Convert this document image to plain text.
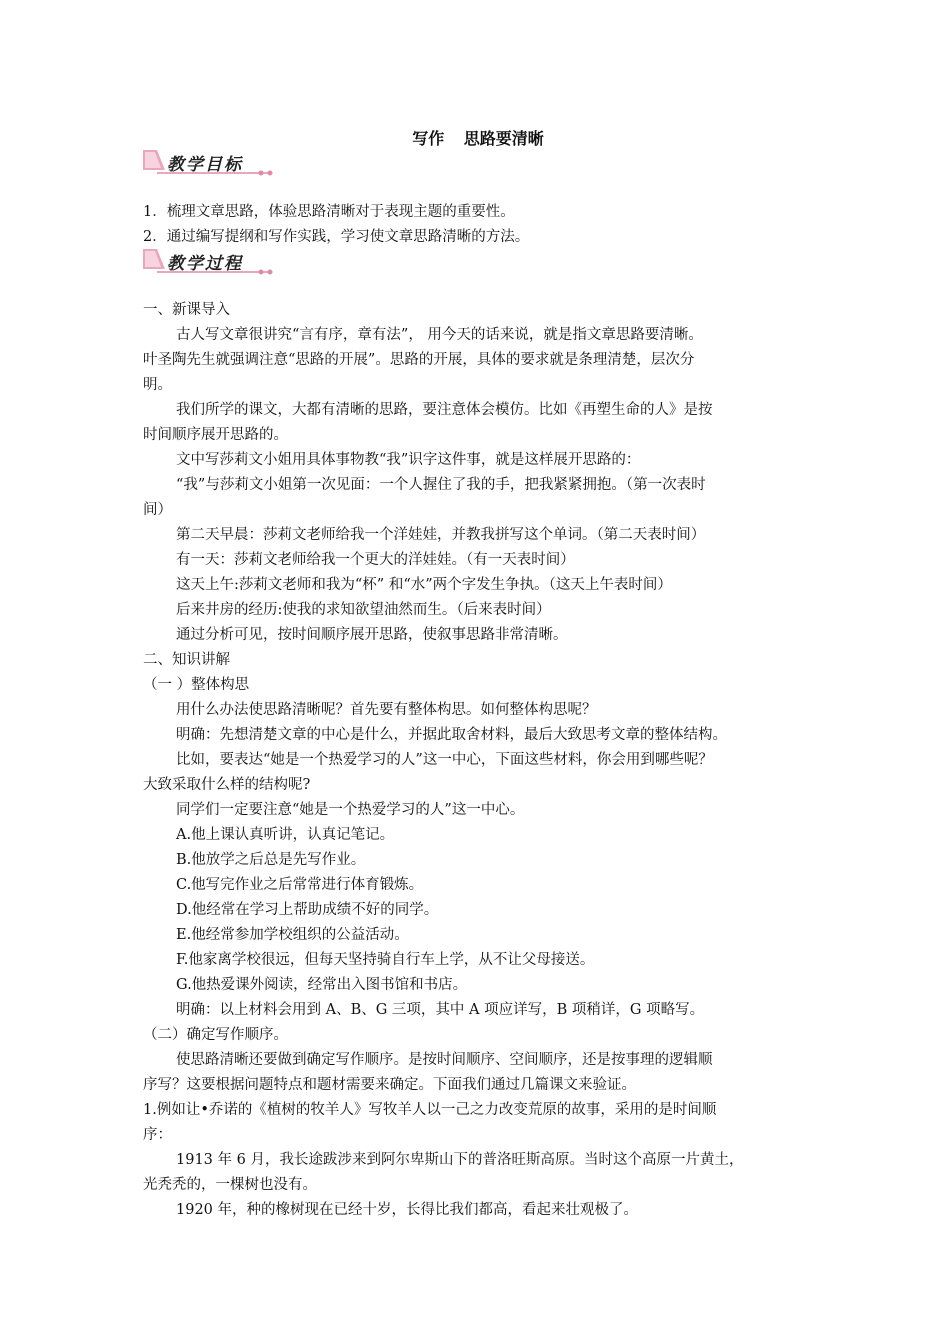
写作 思路要清晰
教学目标
1．梳理文章思路，体验思路清晰对于表现主题的重要性。
2．通过编写提纲和写作实践，学习使文章思路清晰的方法。
教学过程
一、新课导入
古人写文章很讲究“言有序，章有法”， 用今天的话来说，就是指文章思路要清晰。
叶圣陶先生就强调注意“思路的开展”。思路的开展，具体的要求就是条理清楚，层次分
明。
我们所学的课文，大都有清晰的思路，要注意体会模仿。比如《再塑生命的人》是按
时间顺序展开思路的。
文中写莎莉文小姐用具体事物教“我”识字这件事，就是这样展开思路的：
“我”与莎莉文小姐第一次见面：一个人握住了我的手，把我紧紧拥抱。（第一次表时
间）
第二天早晨：莎莉文老师给我一个洋娃娃，并教我拼写这个单词。（第二天表时间）
有一天：莎莉文老师给我一个更大的洋娃娃。（有一天表时间）
这天上午:莎莉文老师和我为“杯” 和“水”两个字发生争执。（这天上午表时间）
后来井房的经历:使我的求知欲望油然而生。（后来表时间）
通过分析可见，按时间顺序展开思路，使叙事思路非常清晰。
二、知识讲解
（一 ）整体构思
用什么办法使思路清晰呢？首先要有整体构思。如何整体构思呢？
明确：先想清楚文章的中心是什么，并据此取舍材料，最后大致思考文章的整体结构。
比如，要表达“她是一个热爱学习的人”这一中心，下面这些材料，你会用到哪些呢？
大致采取什么样的结构呢?
同学们一定要注意“她是一个热爱学习的人”这一中心。
A.他上课认真听讲，认真记笔记。
B.他放学之后总是先写作业。
C.他写完作业之后常常进行体育锻炼。
D.他经常在学习上帮助成绩不好的同学。
E.他经常参加学校组织的公益活动。
F.他家离学校很远，但每天坚持骑自行车上学，从不让父母接送。
G.他热爱课外阅读，经常出入图书馆和书店。
明确：以上材料会用到 A、B、G 三项，其中 A 项应详写，B 项稍详，G 项略写。
（二）确定写作顺序。
使思路清晰还要做到确定写作顺序。是按时间顺序、空间顺序，还是按事理的逻辑顺
序写？这要根据问题特点和题材需要来确定。下面我们通过几篇课文来验证。
1.例如让•乔诺的《植树的牧羊人》写牧羊人以一己之力改变荒原的故事，采用的是时间顺
序：
1913 年 6 月，我长途跋涉来到阿尔卑斯山下的普洛旺斯高原。当时这个高原一片黄土，
光秃秃的，一棵树也没有。
1920 年，种的橡树现在已经十岁，长得比我们都高，看起来壮观极了。
